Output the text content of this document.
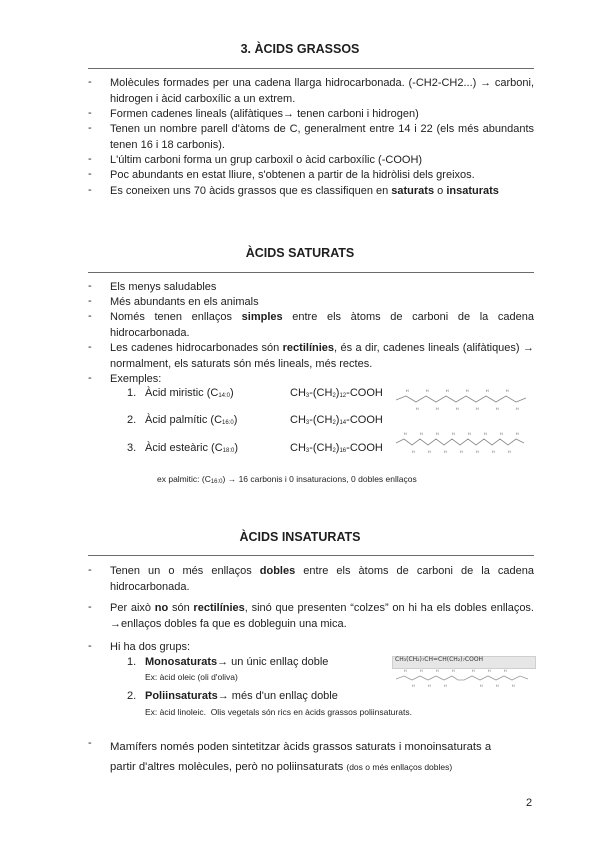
3. ÀCIDS GRASSOS
- Molècules formades per una cadena llarga hidrocarbonada. (-CH2-CH2...) → carboni, hidrogen i àcid carboxílic a un extrem.
- Formen cadenes lineals (alifàtiques→ tenen carboni i hidrogen)
- Tenen un nombre parell d'àtoms de C, generalment entre 14 i 22 (els més abundants tenen 16 i 18 carbonis).
- L'últim carboni forma un grup carboxil o àcid carboxílic (-COOH)
- Poc abundants en estat lliure, s'obtenen a partir de la hidròlisi dels greixos.
- Es coneixen uns 70 àcids grassos que es classifiquen en saturats o insaturats
ÀCIDS SATURATS
- Els menys saludables
- Més abundants en els animals
- Només tenen enllaços simples entre els àtoms de carboni de la cadena hidrocarbonada.
- Les cadenes hidrocarbonades són rectilínies, és a dir, cadenes lineals (alifàtiques) → normalment, els saturats són més lineals, més rectes.
- Exemples:
1. Àcid miristic (C14:0)	CH3-(CH2)12-COOH
2. Àcid palmític (C16:0)	CH3-(CH2)14-COOH
3. Àcid esteàric (C18:0)	CH3-(CH2)16-COOH
H	H	H	H	H	H
H	H	H	H	H	H
H	H	H	H	H	H	H	H
H	H	H	H	H	H	H
ex palmitic: (C16:0) → 16 carbonis i 0 insaturacions, 0 dobles enllaços
ÀCIDS INSATURATS
- Tenen un o més enllaços dobles entre els àtoms de carboni de la cadena hidrocarbonada.
- Per això no són rectilínies, sinó que presenten “colzes” on hi ha els dobles enllaços. →enllaços dobles fa que es dobleguin una mica.
- Hi ha dos grups:
1. Monosaturats→ un únic enllaç doble
Ex: àcid oleic (oli d'oliva)
2. Poliinsaturats→ més d'un enllaç doble
Ex: àcid linoleic. Olis vegetals són rics en àcids grassos poliinsaturats.
CH₃(CH₂)₇CH=CH(CH₂)₇COOH
H	H	H	H	H	H	H
H	H	H	H	H	H
- Mamífers només poden sintetitzar àcids grassos saturats i monoinsaturats a
partir d'altres molècules, però no poliinsaturats (dos o més enllaços dobles)
2
